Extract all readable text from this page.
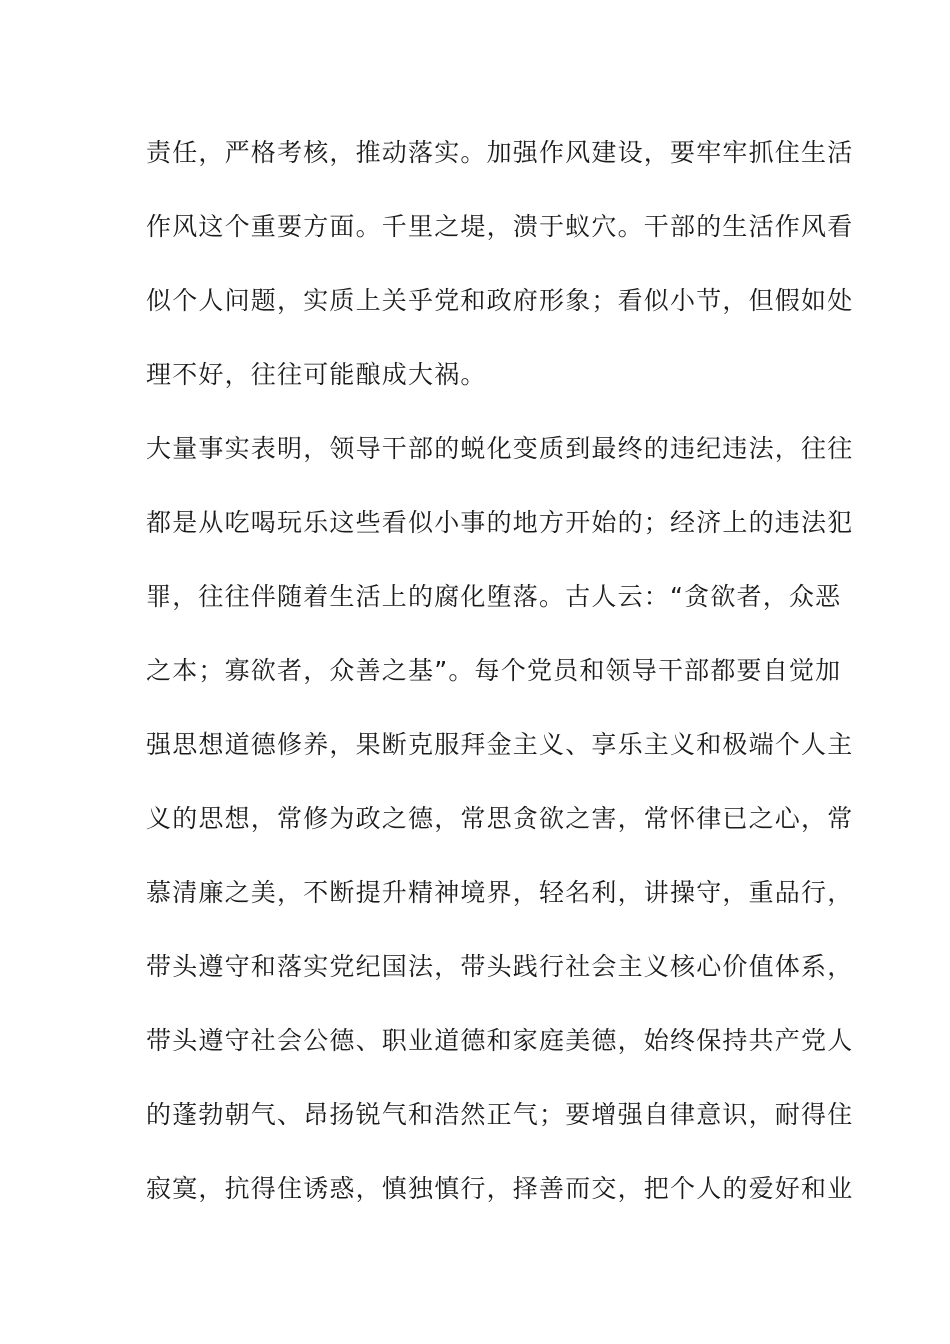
责任，严格考核，推动落实。加强作风建设，要牢牢抓住生活
作风这个重要方面。千里之堤，溃于蚁穴。干部的生活作风看
似个人问题，实质上关乎党和政府形象；看似小节，但假如处
理不好，往往可能酿成大祸。
大量事实表明，领导干部的蜕化变质到最终的违纪违法，往往
都是从吃喝玩乐这些看似小事的地方开始的；经济上的违法犯
罪，往往伴随着生活上的腐化堕落。古人云：“贪欲者，众恶
之本；寡欲者，众善之基”。每个党员和领导干部都要自觉加
强思想道德修养，果断克服拜金主义、享乐主义和极端个人主
义的思想，常修为政之德，常思贪欲之害，常怀律已之心，常
慕清廉之美，不断提升精神境界，轻名利，讲操守，重品行，
带头遵守和落实党纪国法，带头践行社会主义核心价值体系，
带头遵守社会公德、职业道德和家庭美德，始终保持共产党人
的蓬勃朝气、昂扬锐气和浩然正气；要增强自律意识，耐得住
寂寞，抗得住诱惑，慎独慎行，择善而交，把个人的爱好和业
